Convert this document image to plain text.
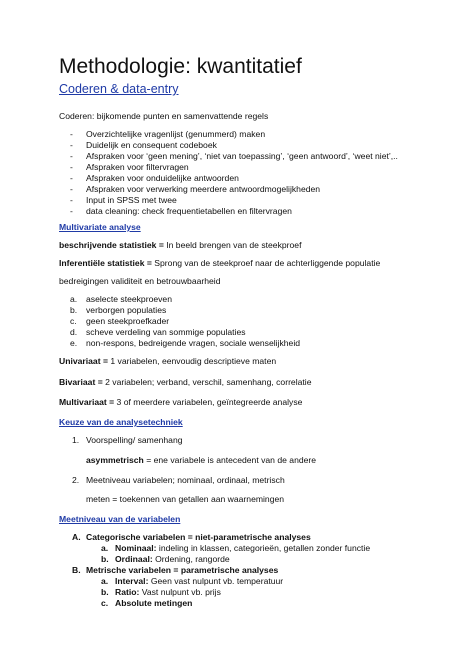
Methodologie: kwantitatief
Coderen & data-entry
Coderen: bijkomende punten en samenvattende regels
- Overzichtelijke vragenlijst (genummerd) maken
- Duidelijk en consequent codeboek
- Afspraken voor ‘geen mening’, ‘niet van toepassing’, ‘geen antwoord’, ‘weet niet’,..
- Afspraken voor filtervragen
- Afspraken voor onduidelijke antwoorden
- Afspraken voor verwerking meerdere antwoordmogelijkheden
- Input in SPSS met twee
- data cleaning: check frequentietabellen en filtervragen
Multivariate analyse
beschrijvende statistiek = In beeld brengen van de steekproef
Inferentiële statistiek = Sprong van de steekproef naar de achterliggende populatie
bedreigingen validiteit en betrouwbaarheid
a. aselecte steekproeven
b. verborgen populaties
c. geen steekproefkader
d. scheve verdeling van sommige populaties
e. non-respons, bedreigende vragen, sociale wenselijkheid
Univariaat = 1 variabelen, eenvoudig descriptieve maten
Bivariaat = 2 variabelen; verband, verschil, samenhang, correlatie
Multivariaat = 3 of meerdere variabelen, geïntegreerde analyse
Keuze van de analysetechniek
1. Voorspelling/ samenhang
asymmetrisch = ene variabele is antecedent van de andere
2. Meetniveau variabelen; nominaal, ordinaal, metrisch
meten = toekennen van getallen aan waarnemingen
Meetniveau van de variabelen
A. Categorische variabelen = niet-parametrische analyses
a. Nominaal: indeling in klassen, categorieën, getallen zonder functie
b. Ordinaal: Ordening, rangorde
B. Metrische variabelen = parametrische analyses
a. Interval: Geen vast nulpunt vb. temperatuur
b. Ratio: Vast nulpunt vb. prijs
c. Absolute metingen
